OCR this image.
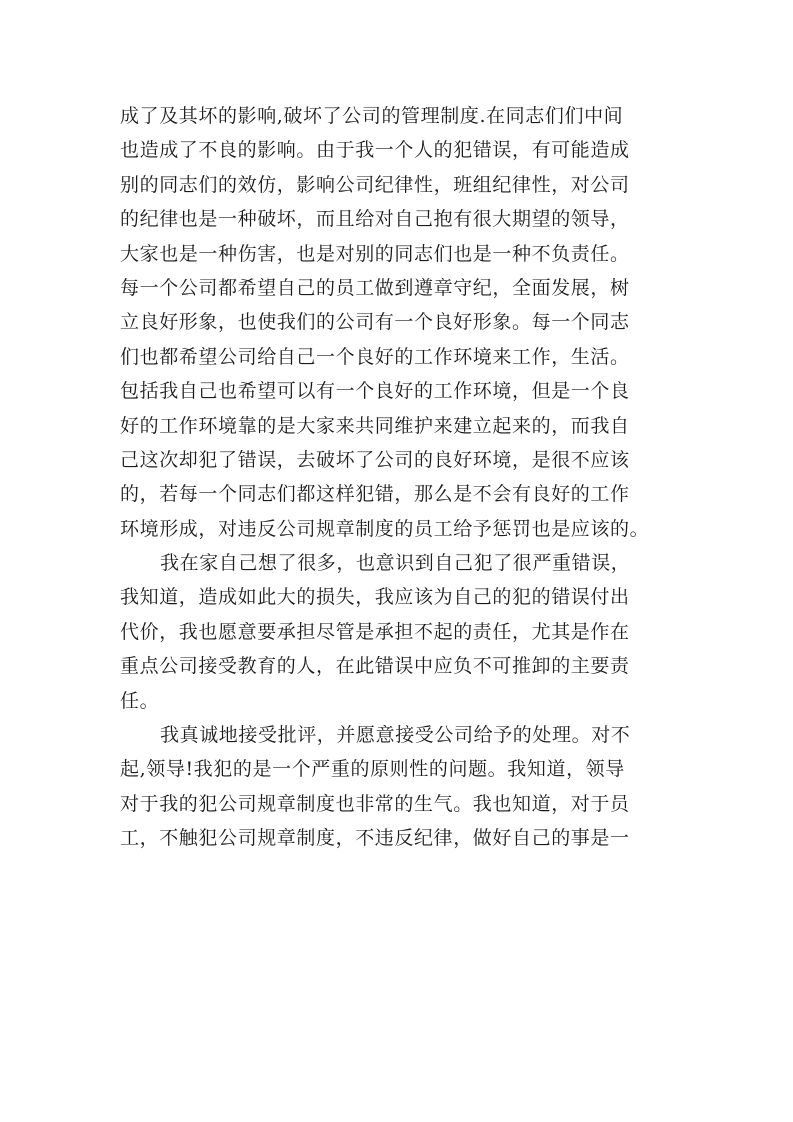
成了及其坏的影响,破坏了公司的管理制度.在同志们们中间
也造成了不良的影响。由于我一个人的犯错误，有可能造成
别的同志们的效仿，影响公司纪律性，班组纪律性，对公司
的纪律也是一种破坏，而且给对自己抱有很大期望的领导，
大家也是一种伤害，也是对别的同志们也是一种不负责任。
每一个公司都希望自己的员工做到遵章守纪，全面发展，树
立良好形象，也使我们的公司有一个良好形象。每一个同志
们也都希望公司给自己一个良好的工作环境来工作，生活。
包括我自己也希望可以有一个良好的工作环境，但是一个良
好的工作环境靠的是大家来共同维护来建立起来的，而我自
己这次却犯了错误，去破坏了公司的良好环境，是很不应该
的，若每一个同志们都这样犯错，那么是不会有良好的工作
环境形成，对违反公司规章制度的员工给予惩罚也是应该的。
我在家自己想了很多，也意识到自己犯了很严重错误，
我知道，造成如此大的损失，我应该为自己的犯的错误付出
代价，我也愿意要承担尽管是承担不起的责任，尤其是作在
重点公司接受教育的人，在此错误中应负不可推卸的主要责
任。
我真诚地接受批评，并愿意接受公司给予的处理。对不
起,领导!我犯的是一个严重的原则性的问题。我知道，领导
对于我的犯公司规章制度也非常的生气。我也知道，对于员
工，不触犯公司规章制度，不违反纪律，做好自己的事是一
